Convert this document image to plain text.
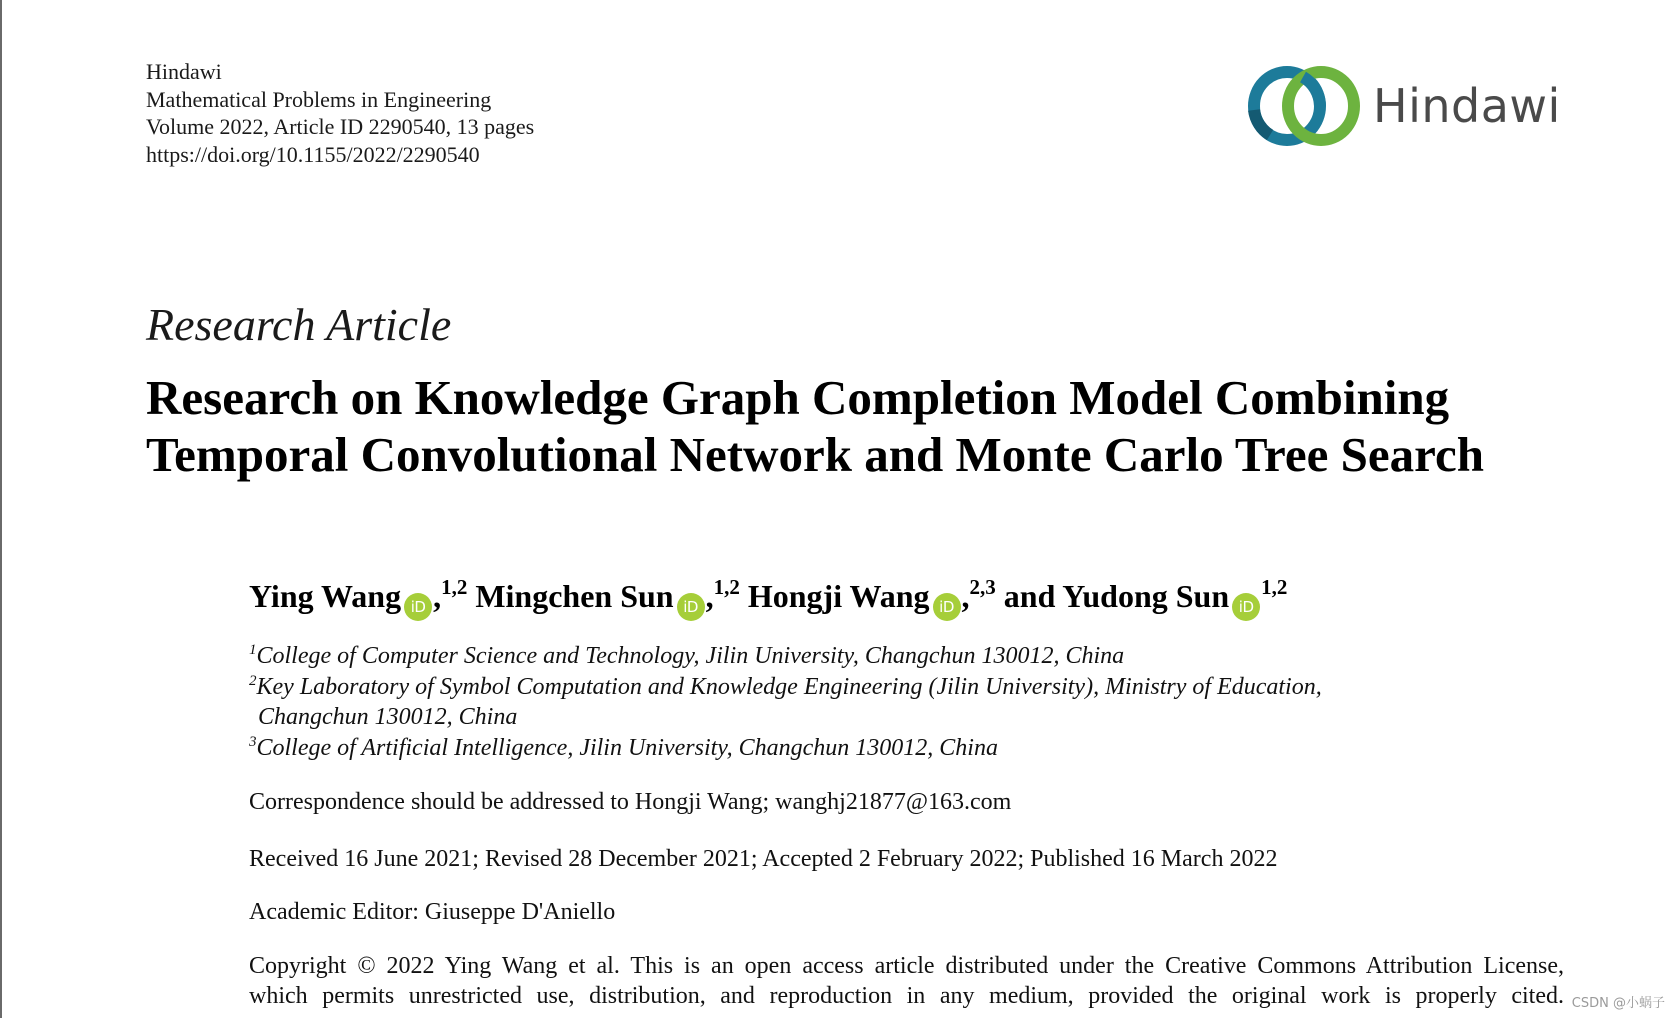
Hindawi
Mathematical Problems in Engineering
Volume 2022, Article ID 2290540, 13 pages
https://doi.org/10.1155/2022/2290540
Hindawi
Research Article
Research on Knowledge Graph Completion Model Combining
Temporal Convolutional Network and Monte Carlo Tree Search
Ying Wang iD ,$^{1,2}$ Mingchen Sun iD ,$^{1,2}$ Hongji Wang iD ,$^{2,3}$ and Yudong Sun iD$^{1,2}$
$^1$College of Computer Science and Technology, Jilin University, Changchun 130012, China
$^2$Key Laboratory of Symbol Computation and Knowledge Engineering (Jilin University), Ministry of Education,
Changchun 130012, China
$^3$College of Artificial Intelligence, Jilin University, Changchun 130012, China
Correspondence should be addressed to Hongji Wang; wanghj21877@163.com
Received 16 June 2021; Revised 28 December 2021; Accepted 2 February 2022; Published 16 March 2022
Academic Editor: Giuseppe D'Aniello
Copyright © 2022 Ying Wang et al. This is an open access article distributed under the Creative Commons Attribution License,
which permits unrestricted use, distribution, and reproduction in any medium, provided the original work is properly cited. CSDN @小蜗子
